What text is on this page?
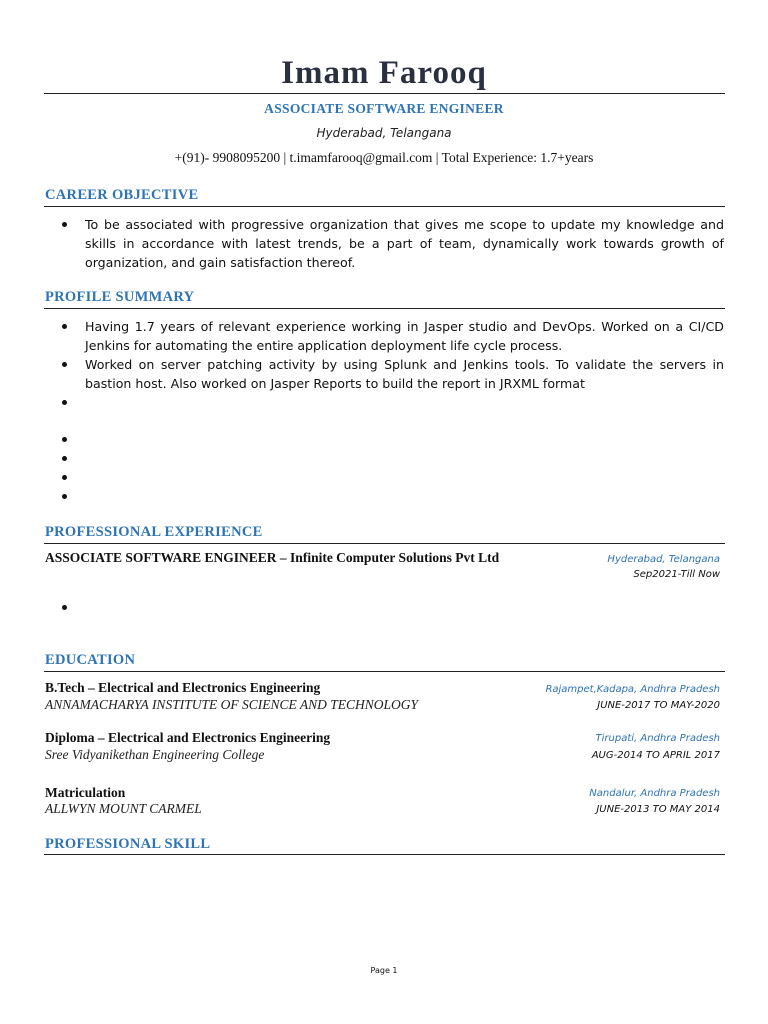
Imam Farooq
ASSOCIATE SOFTWARE ENGINEER
Hyderabad, Telangana
+(91)- 9908095200 | t.imamfarooq@gmail.com | Total Experience: 1.7+years
CAREER OBJECTIVE
To be associated with progressive organization that gives me scope to update my knowledge and skills in accordance with latest trends, be a part of team, dynamically work towards growth of organization, and gain satisfaction thereof.
PROFILE SUMMARY
Having 1.7 years of relevant experience working in Jasper studio and DevOps. Worked on a CI/CD Jenkins for automating the entire application deployment life cycle process.
Worked on server patching activity by using Splunk and Jenkins tools. To validate the servers in bastion host. Also worked on Jasper Reports to build the report in JRXML format
PROFESSIONAL EXPERIENCE
ASSOCIATE SOFTWARE ENGINEER – Infinite Computer Solutions Pvt Ltd	Hyderabad, Telangana
Sep2021-Till Now
EDUCATION
B.Tech – Electrical and Electronics Engineering
ANNAMACHARYA INSTITUTE OF SCIENCE AND TECHNOLOGY
Rajampet,Kadapa, Andhra Pradesh
JUNE-2017 TO MAY-2020
Diploma – Electrical and Electronics Engineering
Sree Vidyanikethan Engineering College
Tirupati, Andhra Pradesh
AUG-2014 TO APRIL 2017
Matriculation
ALLWYN MOUNT CARMEL
Nandalur, Andhra Pradesh
JUNE-2013 TO MAY 2014
PROFESSIONAL SKILL
Page 1
